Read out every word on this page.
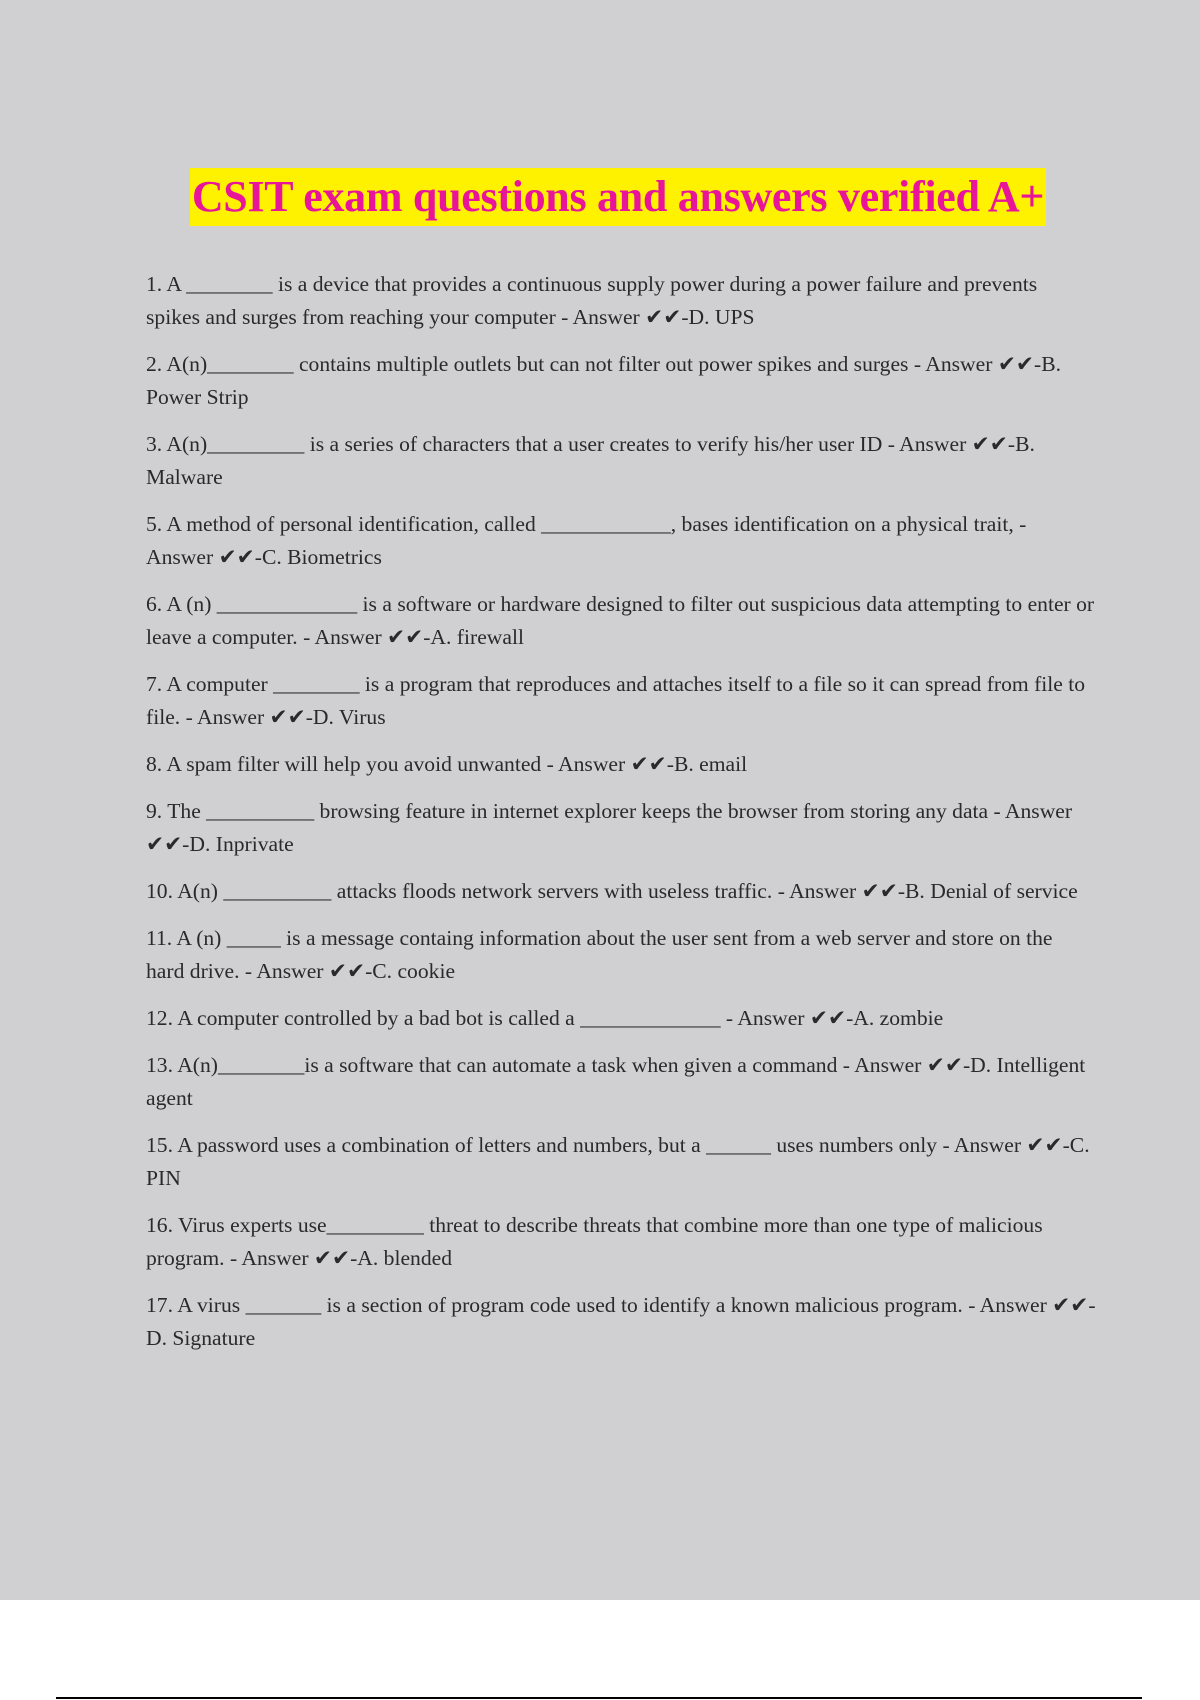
CSIT exam questions and answers verified A+
1. A ________ is a device that provides a continuous supply power during a power failure and prevents spikes and surges from reaching your computer - Answer ✔✔-D. UPS
2. A(n)________ contains multiple outlets but can not filter out power spikes and surges - Answer ✔✔-B. Power Strip
3. A(n)_________ is a series of characters that a user creates to verify his/her user ID - Answer ✔✔-B. Malware
5. A method of personal identification, called ____________, bases identification on a physical trait, - Answer ✔✔-C. Biometrics
6. A (n) _____________ is a software or hardware designed to filter out suspicious data attempting to enter or leave a computer. - Answer ✔✔-A. firewall
7. A computer ________ is a program that reproduces and attaches itself to a file so it can spread from file to file. - Answer ✔✔-D. Virus
8. A spam filter will help you avoid unwanted - Answer ✔✔-B. email
9. The __________ browsing feature in internet explorer keeps the browser from storing any data - Answer ✔✔-D. Inprivate
10. A(n) __________ attacks floods network servers with useless traffic. - Answer ✔✔-B. Denial of service
11. A (n) _____ is a message containg information about the user sent from a web server and store on the hard drive. - Answer ✔✔-C. cookie
12. A computer controlled by a bad bot is called a _____________ - Answer ✔✔-A. zombie
13. A(n)________is a software that can automate a task when given a command - Answer ✔✔-D. Intelligent agent
15. A password uses a combination of letters and numbers, but a ______ uses numbers only - Answer ✔✔-C. PIN
16. Virus experts use_________ threat to describe threats that combine more than one type of malicious program. - Answer ✔✔-A. blended
17. A virus _______ is a section of program code used to identify a known malicious program. - Answer ✔✔-D. Signature
